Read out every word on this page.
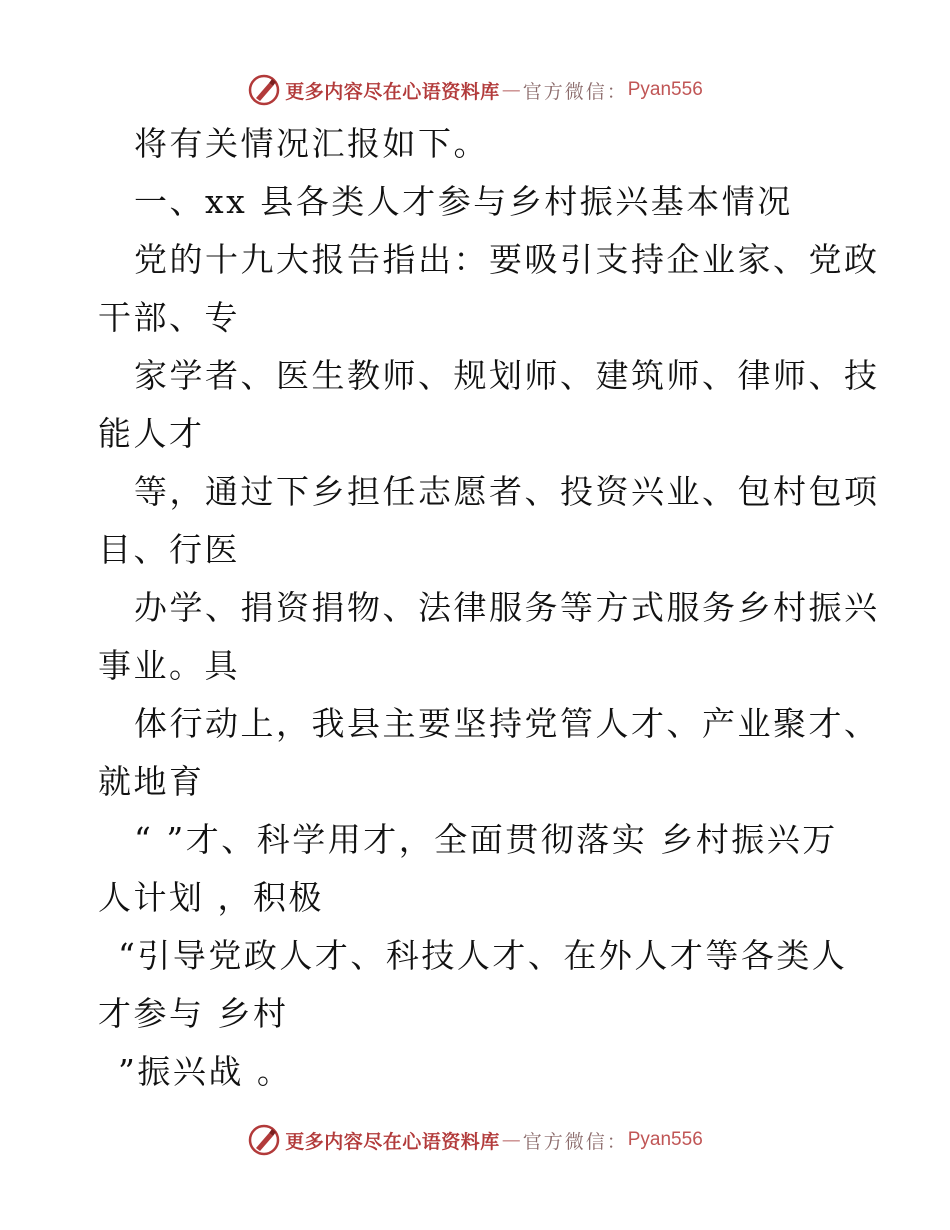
更多内容尽在心语资料库 — 官方微信： Pyan556
将有关情况汇报如下。
一、xx 县各类人才参与乡村振兴基本情况
党的十九大报告指出：要吸引支持企业家、党政
干部、专
家学者、医生教师、规划师、建筑师、律师、技
能人才
等，通过下乡担任志愿者、投资兴业、包村包项
目、行医
办学、捐资捐物、法律服务等方式服务乡村振兴
事业。具
体行动上，我县主要坚持党管人才、产业聚才、
就地育
“ ”才、科学用才，全面贯彻落实 乡村振兴万
人计划 ，积极
“引导党政人才、科技人才、在外人才等各类人
才参与 乡村
”振兴战 。
更多内容尽在心语资料库 — 官方微信： Pyan556
